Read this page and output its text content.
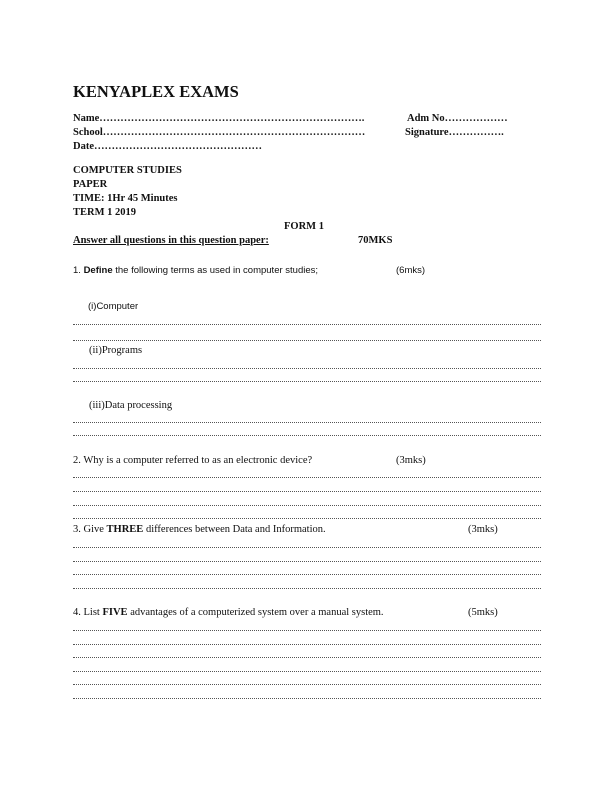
KENYAPLEX EXAMS
Name………………………………………………………………….	Adm No………………
School…………………………………………………………………	Signature…………….
Date…………………………………………
COMPUTER STUDIES
PAPER
TIME: 1Hr 45 Minutes
TERM 1 2019
FORM 1
Answer all questions in this question paper:	70MKS
1. Define the following terms as used in computer studies;	(6mks)
(i)Computer
(ii)Programs
(iii)Data processing
2. Why is a computer referred to as an electronic device?	(3mks)
3. Give THREE differences between Data and Information.	(3mks)
4. List FIVE advantages of a computerized system over a manual system.	(5mks)
